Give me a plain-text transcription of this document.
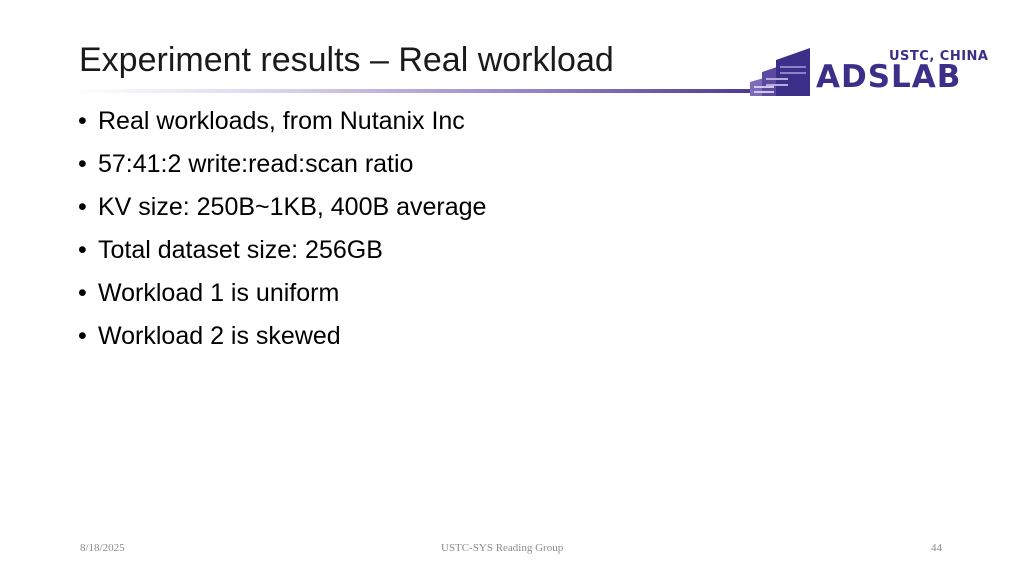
Experiment results – Real workload	USTC, CHINA
ADSLAB
• Real workloads, from Nutanix Inc
• 57:41:2 write:read:scan ratio
• KV size: 250B~1KB, 400B average
• Total dataset size: 256GB
• Workload 1 is uniform
• Workload 2 is skewed
8/18/2025	USTC-SYS Reading Group	44
